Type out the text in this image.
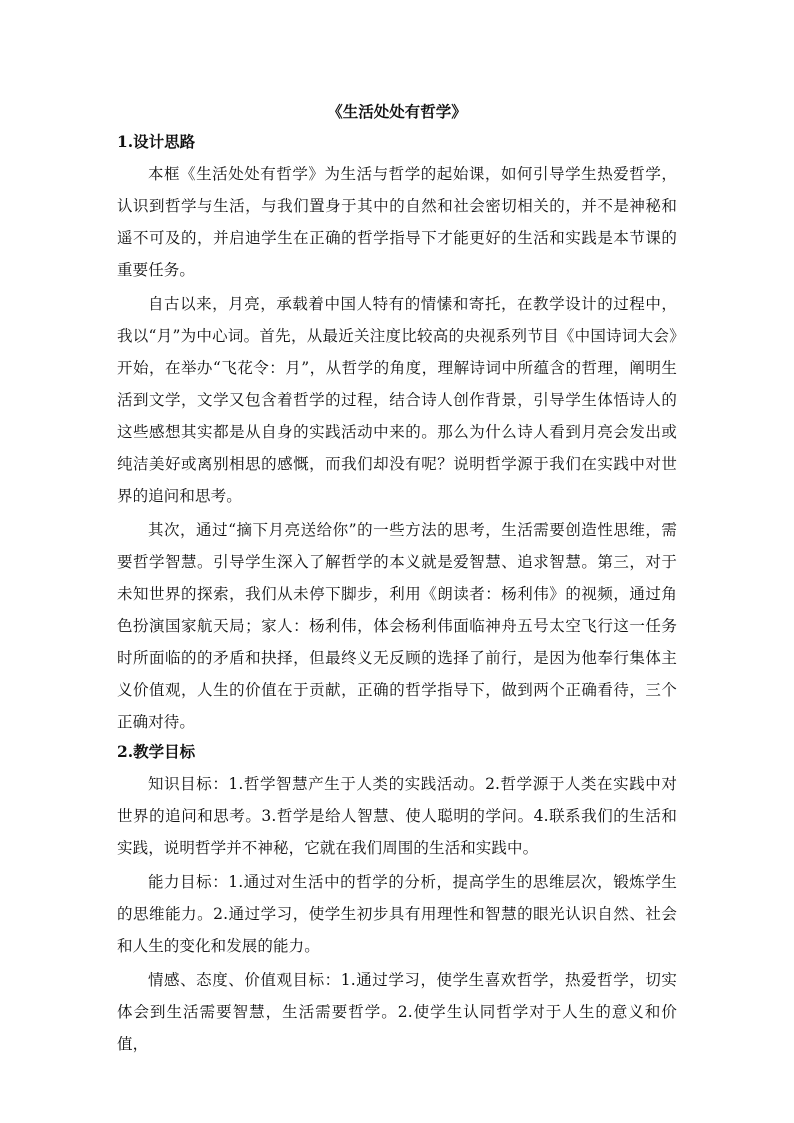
《生活处处有哲学》
1.设计思路

本框《生活处处有哲学》为生活与哲学的起始课，如何引导学生热爱哲学，认识到哲学与生活，与我们置身于其中的自然和社会密切相关的，并不是神秘和遥不可及的，并启迪学生在正确的哲学指导下才能更好的生活和实践是本节课的重要任务。

自古以来，月亮，承载着中国人特有的情愫和寄托，在教学设计的过程中，我以“月”为中心词。首先，从最近关注度比较高的央视系列节目《中国诗词大会》开始，在举办“飞花令：月”，从哲学的角度，理解诗词中所蕴含的哲理，阐明生活到文学，文学又包含着哲学的过程，结合诗人创作背景，引导学生体悟诗人的这些感想其实都是从自身的实践活动中来的。那么为什么诗人看到月亮会发出或纯洁美好或离别相思的感慨，而我们却没有呢？说明哲学源于我们在实践中对世界的追问和思考。

其次，通过“摘下月亮送给你”的一些方法的思考，生活需要创造性思维，需要哲学智慧。引导学生深入了解哲学的本义就是爱智慧、追求智慧。第三，对于未知世界的探索，我们从未停下脚步，利用《朗读者：杨利伟》的视频，通过角色扮演国家航天局；家人：杨利伟，体会杨利伟面临神舟五号太空飞行这一任务时所面临的的矛盾和抉择，但最终义无反顾的选择了前行，是因为他奉行集体主义价值观，人生的价值在于贡献，正确的哲学指导下，做到两个正确看待，三个正确对待。

2.教学目标

知识目标：1.哲学智慧产生于人类的实践活动。2.哲学源于人类在实践中对世界的追问和思考。3.哲学是给人智慧、使人聪明的学问。4.联系我们的生活和实践，说明哲学并不神秘，它就在我们周围的生活和实践中。

能力目标：1.通过对生活中的哲学的分析，提高学生的思维层次，锻炼学生的思维能力。2.通过学习，使学生初步具有用理性和智慧的眼光认识自然、社会和人生的变化和发展的能力。

情感、态度、价值观目标：1.通过学习，使学生喜欢哲学，热爱哲学，切实体会到生活需要智慧，生活需要哲学。2.使学生认同哲学对于人生的意义和价值，
